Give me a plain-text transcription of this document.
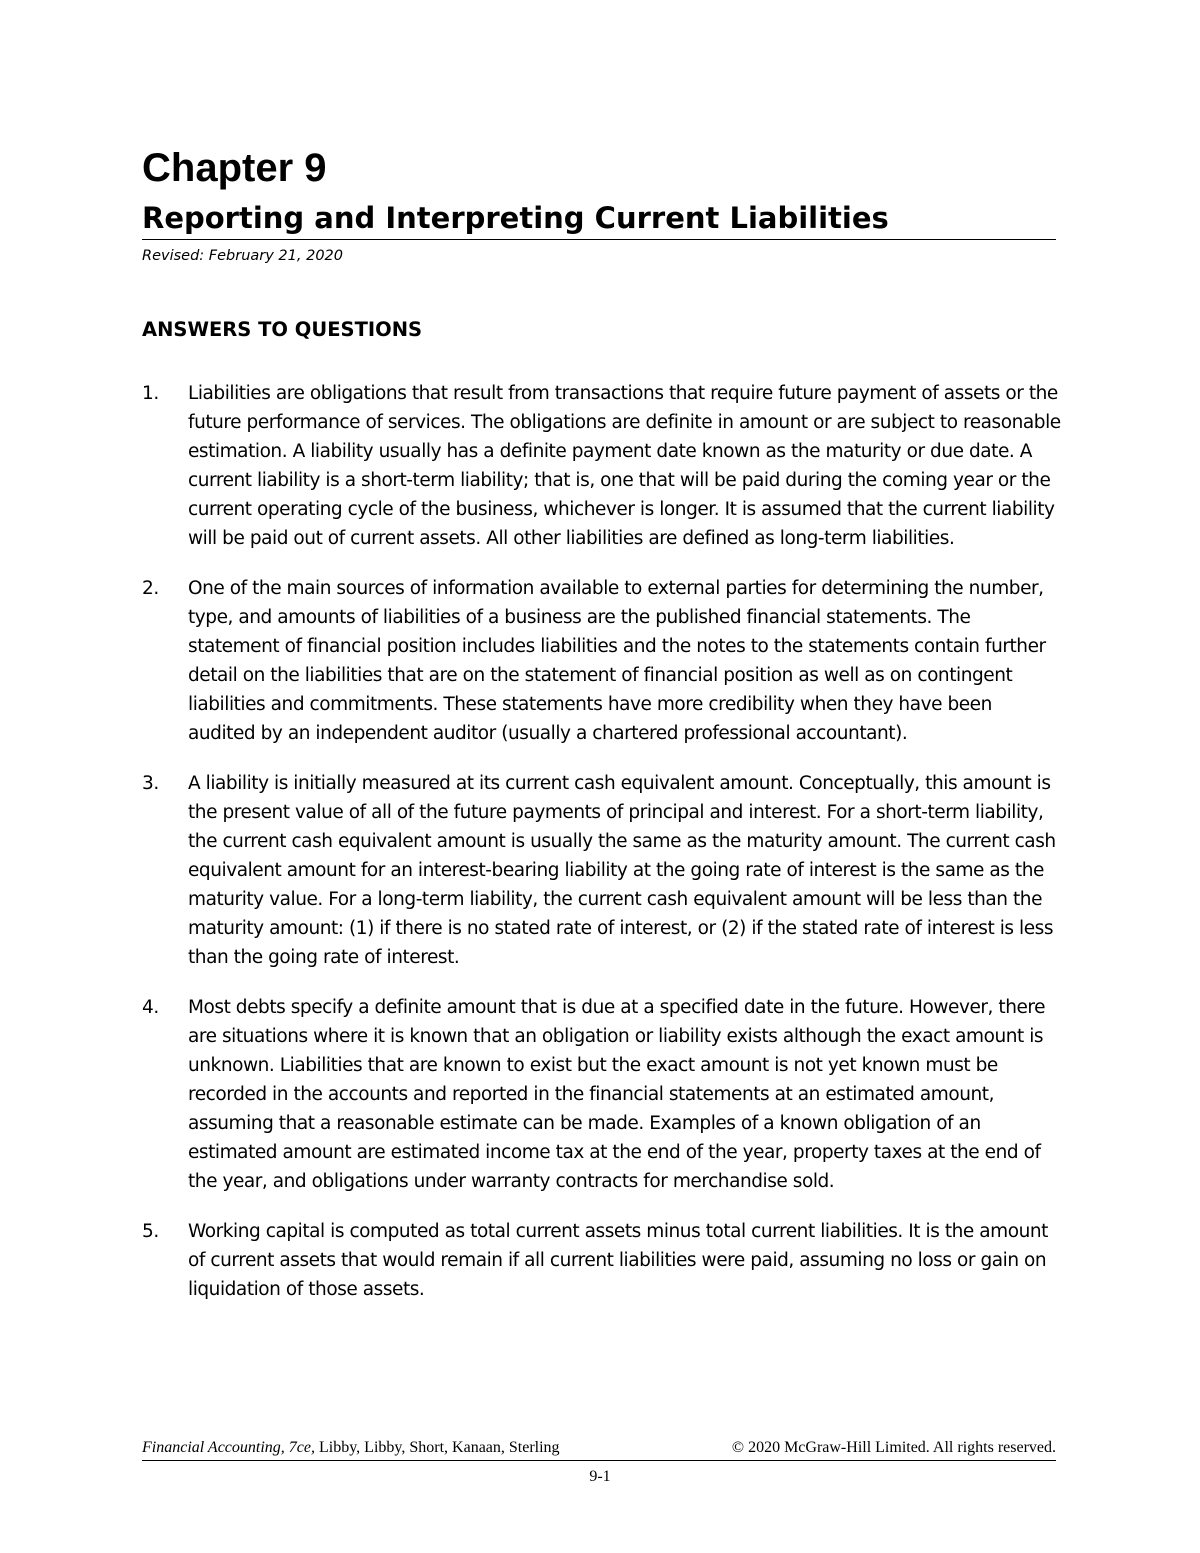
Chapter 9
Reporting and Interpreting Current Liabilities
Revised: February 21, 2020
ANSWERS TO QUESTIONS
1.	Liabilities are obligations that result from transactions that require future payment of assets or the future performance of services. The obligations are definite in amount or are subject to reasonable estimation. A liability usually has a definite payment date known as the maturity or due date. A current liability is a short-term liability; that is, one that will be paid during the coming year or the current operating cycle of the business, whichever is longer. It is assumed that the current liability will be paid out of current assets. All other liabilities are defined as long-term liabilities.
2.	One of the main sources of information available to external parties for determining the number, type, and amounts of liabilities of a business are the published financial statements. The statement of financial position includes liabilities and the notes to the statements contain further detail on the liabilities that are on the statement of financial position as well as on contingent liabilities and commitments. These statements have more credibility when they have been audited by an independent auditor (usually a chartered professional accountant).
3.	A liability is initially measured at its current cash equivalent amount. Conceptually, this amount is the present value of all of the future payments of principal and interest. For a short-term liability, the current cash equivalent amount is usually the same as the maturity amount. The current cash equivalent amount for an interest-bearing liability at the going rate of interest is the same as the maturity value. For a long-term liability, the current cash equivalent amount will be less than the maturity amount: (1) if there is no stated rate of interest, or (2) if the stated rate of interest is less than the going rate of interest.
4.	Most debts specify a definite amount that is due at a specified date in the future. However, there are situations where it is known that an obligation or liability exists although the exact amount is unknown. Liabilities that are known to exist but the exact amount is not yet known must be recorded in the accounts and reported in the financial statements at an estimated amount, assuming that a reasonable estimate can be made. Examples of a known obligation of an estimated amount are estimated income tax at the end of the year, property taxes at the end of the year, and obligations under warranty contracts for merchandise sold.
5.	Working capital is computed as total current assets minus total current liabilities. It is the amount of current assets that would remain if all current liabilities were paid, assuming no loss or gain on liquidation of those assets.
Financial Accounting, 7ce, Libby, Libby, Short, Kanaan, Sterling	© 2020 McGraw-Hill Limited. All rights reserved.
9-1
